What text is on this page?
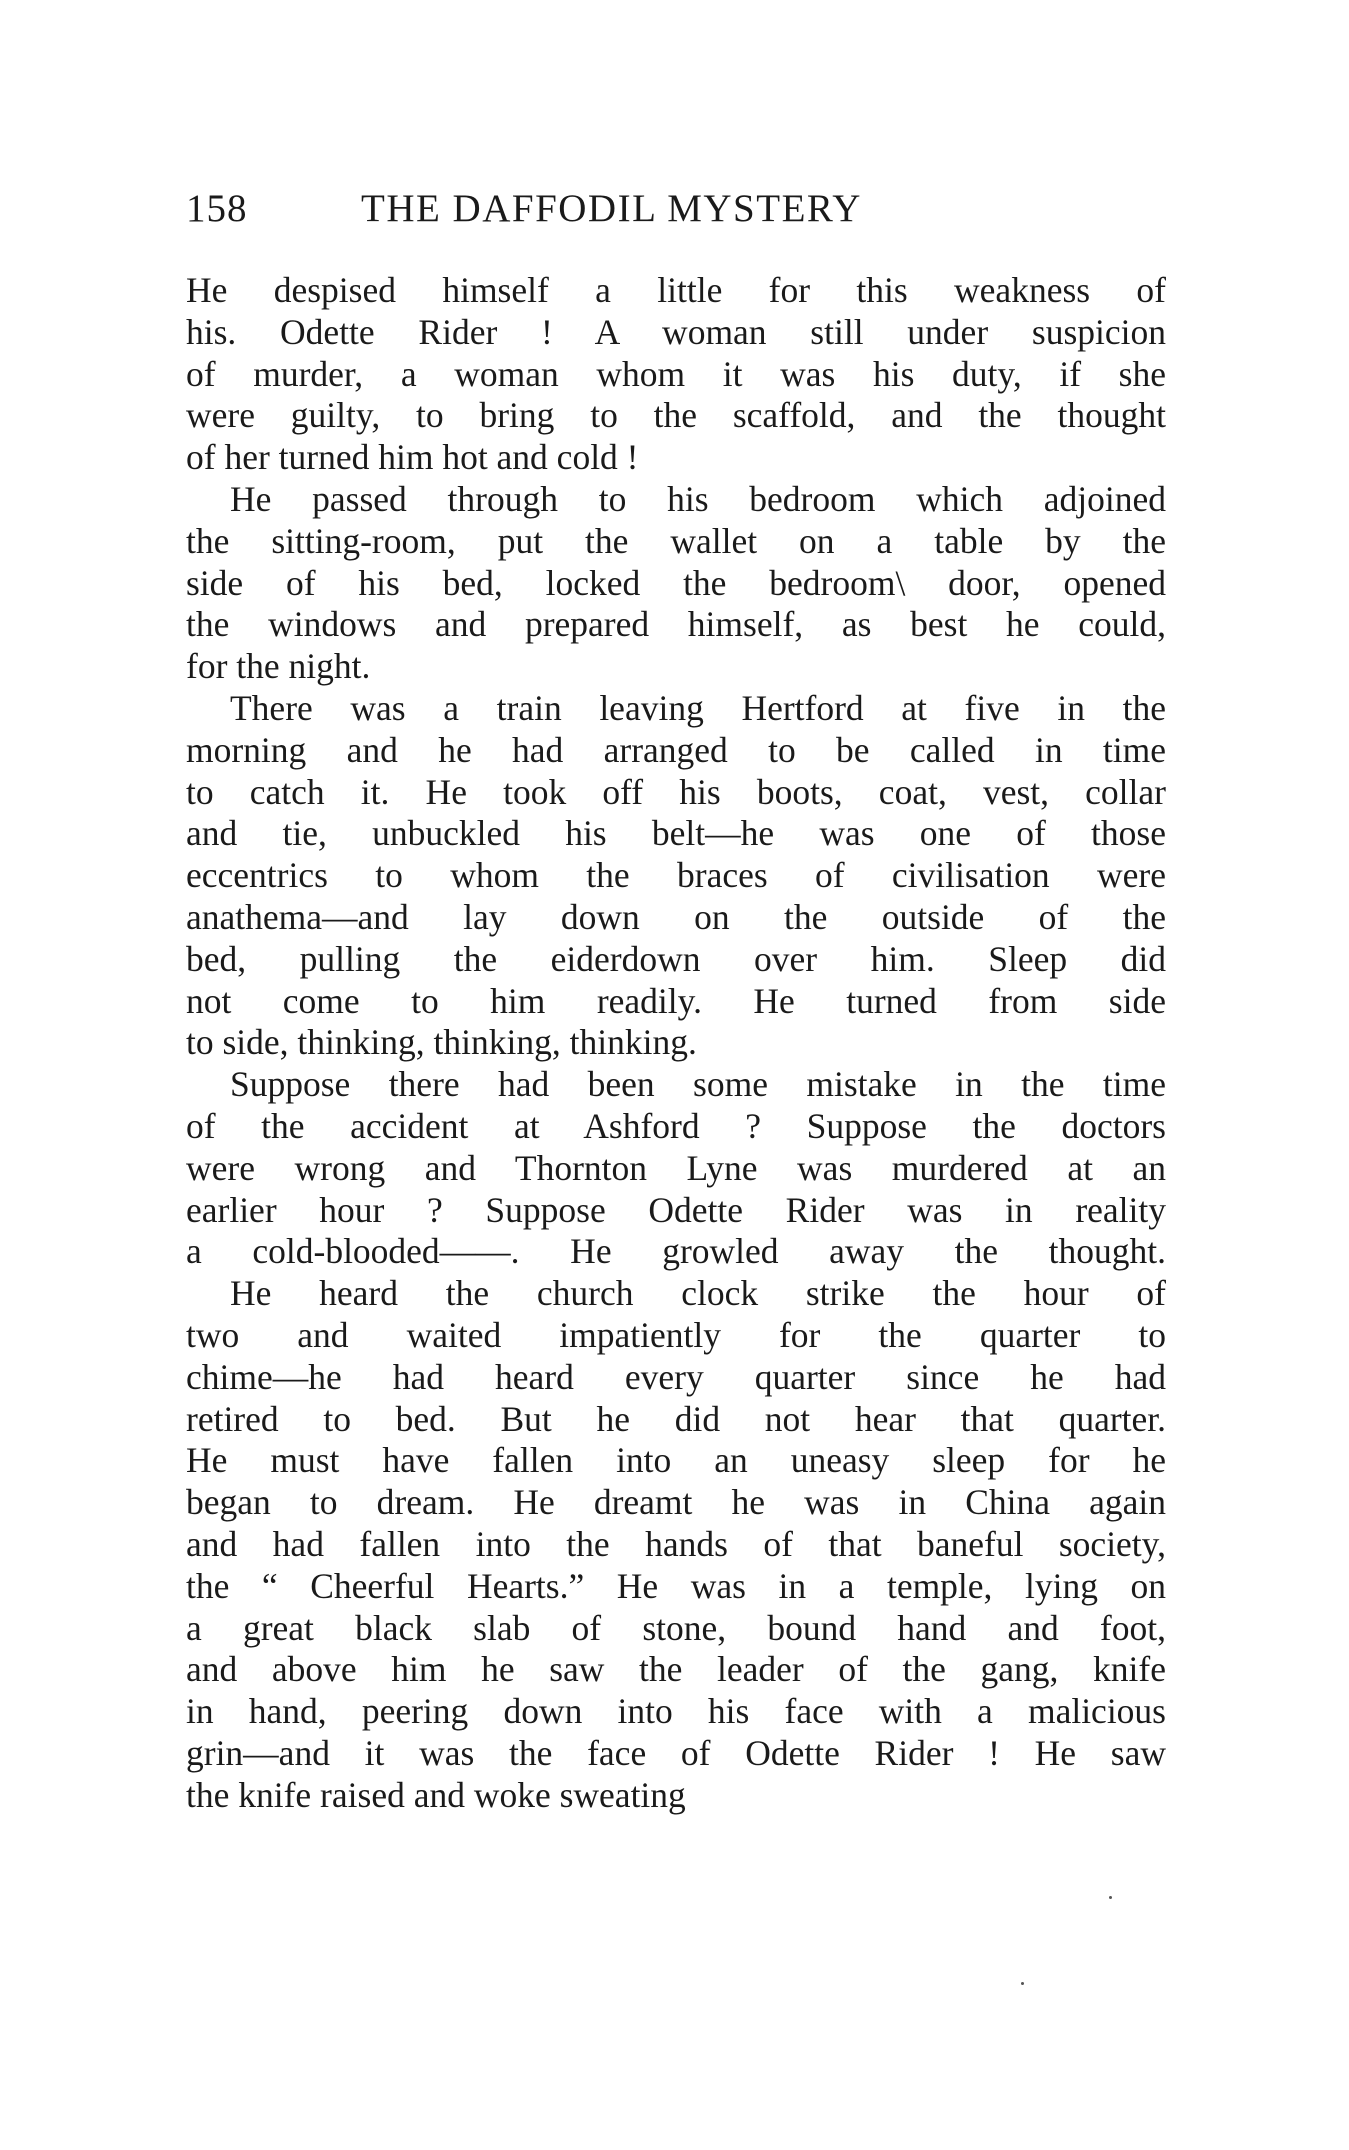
158	THE DAFFODIL MYSTERY
He despised himself a little for this weakness of
his. Odette Rider ! A woman still under suspicion
of murder, a woman whom it was his duty, if she
were guilty, to bring to the scaffold, and the thought
of her turned him hot and cold !
He passed through to his bedroom which adjoined
the sitting-room, put the wallet on a table by the
side of his bed, locked the bedroom\ door, opened
the windows and prepared himself, as best he could,
for the night.
There was a train leaving Hertford at five in the
morning and he had arranged to be called in time
to catch it. He took off his boots, coat, vest, collar
and tie, unbuckled his belt—he was one of those
eccentrics to whom the braces of civilisation were
anathema—and lay down on the outside of the
bed, pulling the eiderdown over him. Sleep did
not come to him readily. He turned from side
to side, thinking, thinking, thinking.
Suppose there had been some mistake in the time
of the accident at Ashford ? Suppose the doctors
were wrong and Thornton Lyne was murdered at an
earlier hour ? Suppose Odette Rider was in reality
a cold-blooded——. He growled away the thought.
He heard the church clock strike the hour of
two and waited impatiently for the quarter to
chime—he had heard every quarter since he had
retired to bed. But he did not hear that quarter.
He must have fallen into an uneasy sleep for he
began to dream. He dreamt he was in China again
and had fallen into the hands of that baneful society,
the “ Cheerful Hearts.” He was in a temple, lying on
a great black slab of stone, bound hand and foot,
and above him he saw the leader of the gang, knife
in hand, peering down into his face with a malicious
grin—and it was the face of Odette Rider ! He saw
the knife raised and woke sweating
